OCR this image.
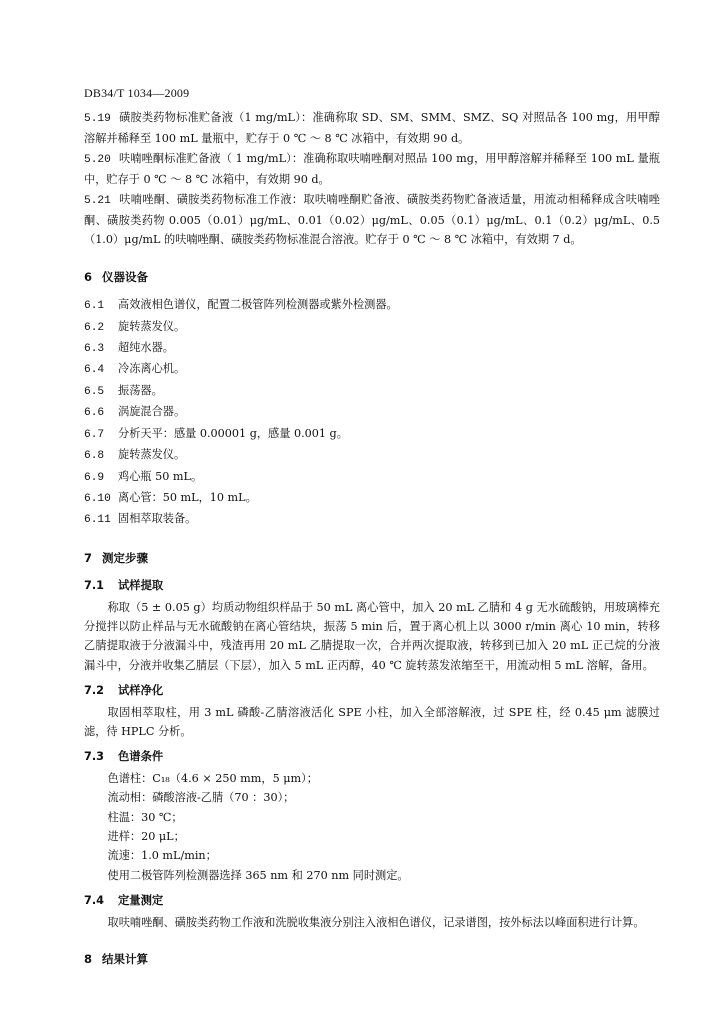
DB34/T 1034—2009

5.19 磺胺类药物标准贮备液（1 mg/mL）：准确称取 SD、SM、SMM、SMZ、SQ 对照品各 100 mg，用甲醇溶解并稀释至 100 mL 量瓶中，贮存于 0 ℃ ～ 8 ℃ 冰箱中，有效期 90 d。

5.20 呋喃唑酮标准贮备液（ 1 mg/mL）：准确称取呋喃唑酮对照品 100 mg，用甲醇溶解并稀释至 100 mL 量瓶中，贮存于 0 ℃ ～ 8 ℃ 冰箱中，有效期 90 d。

5.21 呋喃唑酮、磺胺类药物标准工作液：取呋喃唑酮贮备液、磺胺类药物贮备液适量，用流动相稀释成含呋喃唑酮、磺胺类药物 0.005（0.01）μg/mL、0.01（0.02）μg/mL、0.05（0.1）μg/mL、0.1（0.2）μg/mL、0.5（1.0）μg/mL 的呋喃唑酮、磺胺类药物标准混合溶液。贮存于 0 ℃ ～ 8 ℃ 冰箱中，有效期 7 d。

6 仪器设备

6.1 高效液相色谱仪，配置二极管阵列检测器或紫外检测器。

6.2 旋转蒸发仪。

6.3 超纯水器。

6.4 冷冻离心机。

6.5 振荡器。

6.6 涡旋混合器。

6.7 分析天平：感量 0.00001 g，感量 0.001 g。

6.8 旋转蒸发仪。

6.9 鸡心瓶 50 mL。

6.10 离心管：50 mL，10 mL。

6.11 固相萃取装备。

7 测定步骤
7.1 试样提取

称取（5 ± 0.05 g）均质动物组织样品于 50 mL 离心管中，加入 20 mL 乙腈和 4 g 无水硫酸钠，用玻璃棒充分搅拌以防止样品与无水硫酸钠在离心管结块，振荡 5 min 后，置于离心机上以 3000 r/min 离心 10 min，转移乙腈提取液于分液漏斗中，残渣再用 20 mL 乙腈提取一次，合并两次提取液，转移到已加入 20 mL 正己烷的分液漏斗中，分液并收集乙腈层（下层），加入 5 mL 正丙醇，40 ℃ 旋转蒸发浓缩至干，用流动相 5 mL 溶解，备用。

7.2 试样净化

取固相萃取柱，用 3 mL 磷酸-乙腈溶液活化 SPE 小柱，加入全部溶解液，过 SPE 柱，经 0.45 μm 滤膜过滤，待 HPLC 分析。

7.3 色谱条件

色谱柱：C₁₈（4.6 × 250 mm，5 μm）；

流动相：磷酸溶液-乙腈（70 ：30）；

柱温：30 ℃；

进样：20 μL；

流速：1.0 mL/min；

使用二极管阵列检测器选择 365 nm 和 270 nm 同时测定。

7.4 定量测定

取呋喃唑酮、磺胺类药物工作液和洗脱收集液分别注入液相色谱仪，记录谱图，按外标法以峰面积进行计算。

8 结果计算
